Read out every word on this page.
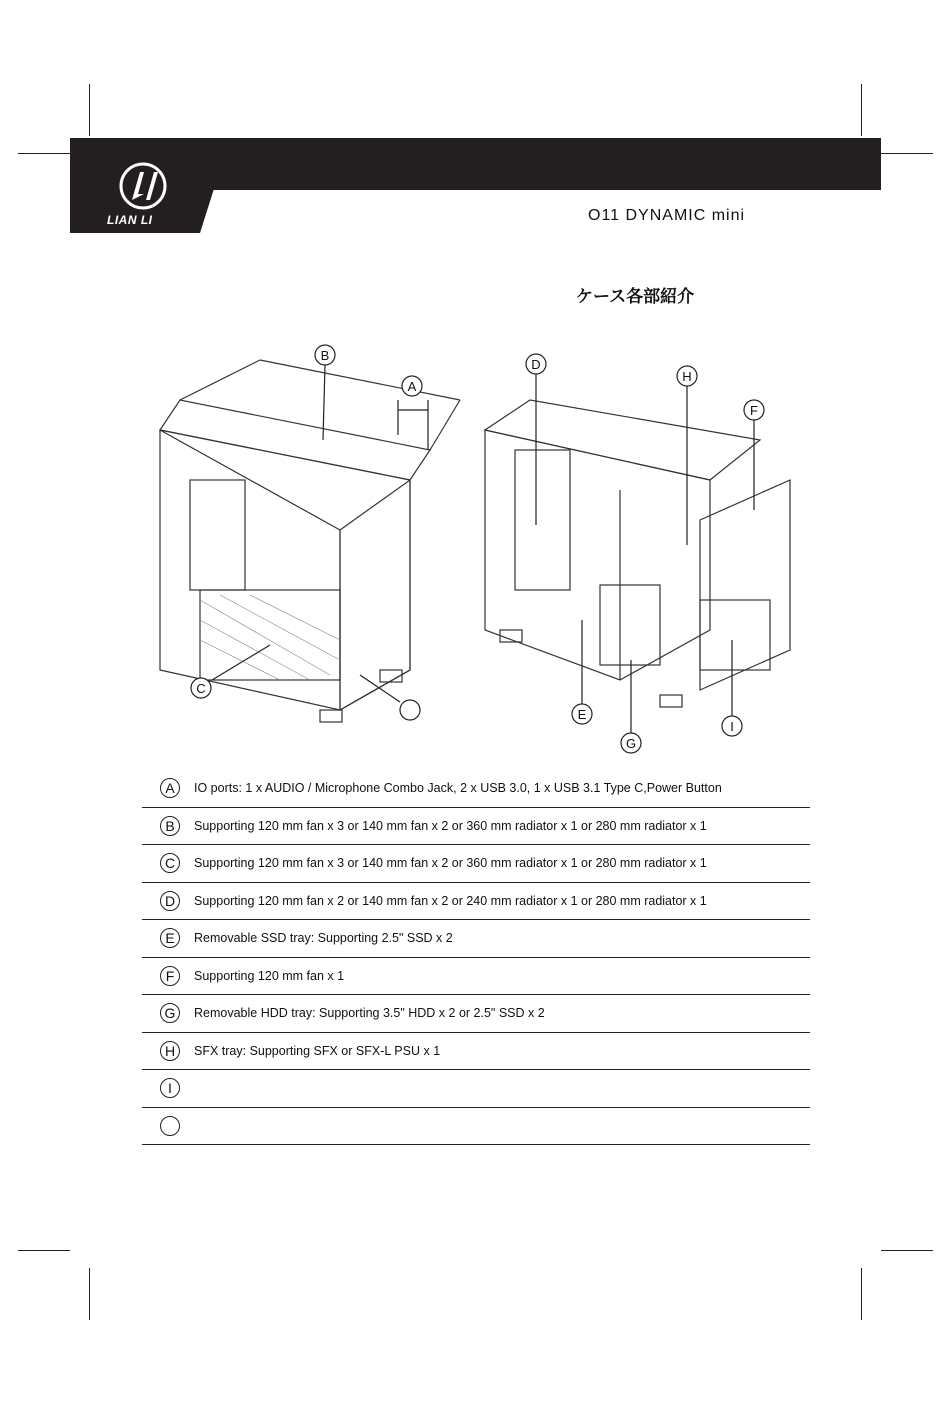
LIAN LI	O11 DYNAMIC mini
ケース各部紹介
B
A
C
D
H
F
E
G
I
A	IO ports: 1 x AUDIO / Microphone Combo Jack, 2 x USB 3.0, 1 x USB 3.1 Type C,Power Button
B	Supporting 120 mm fan x 3 or 140 mm fan x 2 or 360 mm radiator x 1 or 280 mm radiator x 1
C	Supporting 120 mm fan x 3 or 140 mm fan x 2 or 360 mm radiator x 1 or 280 mm radiator x 1
D	Supporting 120 mm fan x 2 or 140 mm fan x 2 or 240 mm radiator x 1 or 280 mm radiator x 1
E	Removable SSD tray: Supporting 2.5" SSD x 2
F	Supporting 120 mm fan x 1
G	Removable HDD tray: Supporting 3.5" HDD x 2 or 2.5" SSD x 2
H	SFX tray: Supporting SFX or SFX-L PSU x 1
I
